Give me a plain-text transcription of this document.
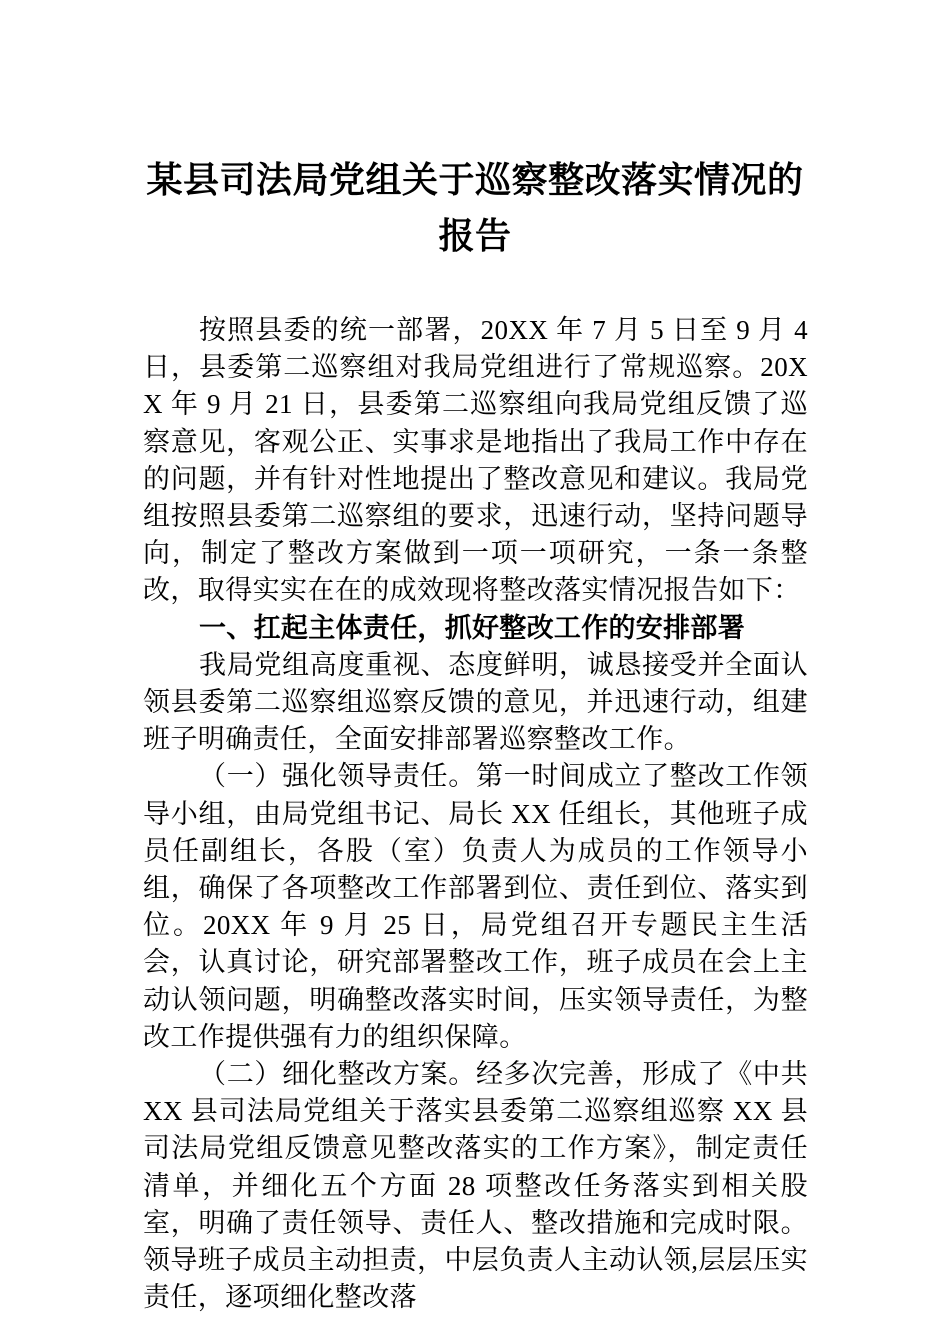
某县司法局党组关于巡察整改落实情况的
报告

按照县委的统一部署，20XX 年 7 月 5 日至 9 月 4 日，县委第二巡察组对我局党组进行了常规巡察。20XX 年 9 月 21 日，县委第二巡察组向我局党组反馈了巡察意见，客观公正、实事求是地指出了我局工作中存在的问题，并有针对性地提出了整改意见和建议。我局党组按照县委第二巡察组的要求，迅速行动，坚持问题导向，制定了整改方案做到一项一项研究，一条一条整改，取得实实在在的成效现将整改落实情况报告如下：

一、扛起主体责任，抓好整改工作的安排部署

我局党组高度重视、态度鲜明，诚恳接受并全面认领县委第二巡察组巡察反馈的意见，并迅速行动，组建班子明确责任，全面安排部署巡察整改工作。

（一）强化领导责任。第一时间成立了整改工作领导小组，由局党组书记、局长 XX 任组长，其他班子成员任副组长，各股（室）负责人为成员的工作领导小组，确保了各项整改工作部署到位、责任到位、落实到位。20XX 年 9 月 25 日，局党组召开专题民主生活会，认真讨论，研究部署整改工作，班子成员在会上主动认领问题，明确整改落实时间，压实领导责任，为整改工作提供强有力的组织保障。

（二）细化整改方案。经多次完善，形成了《中共 XX 县司法局党组关于落实县委第二巡察组巡察 XX 县司法局党组反馈意见整改落实的工作方案》，制定责任清单，并细化五个方面 28 项整改任务落实到相关股室，明确了责任领导、责任人、整改措施和完成时限。领导班子成员主动担责，中层负责人主动认领,层层压实责任，逐项细化整改落
